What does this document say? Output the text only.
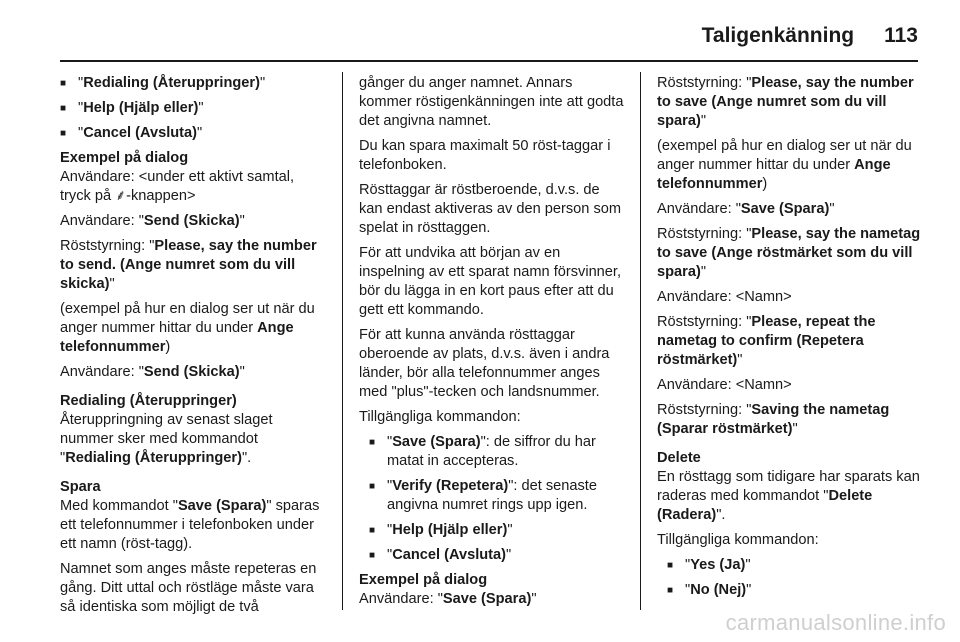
Taligenkänning 113
■ "Redialing (Återuppringer)"
■ "Help (Hjälp eller)"
■ "Cancel (Avsluta)"
Exempel på dialog
Användare: <under ett aktivt samtal, tryck på ⸙-knappen>
Användare: "Send (Skicka)"
Röststyrning: "Please, say the number to send. (Ange numret som du vill skicka)"
(exempel på hur en dialog ser ut när du anger nummer hittar du under Ange telefonnummer)
Användare: "Send (Skicka)"
Redialing (Återuppringer)
Återuppringning av senast slaget nummer sker med kommandot "Redialing (Återuppringer)".
Spara
Med kommandot "Save (Spara)" sparas ett telefonnummer i telefonboken under ett namn (röst-tagg).
Namnet som anges måste repeteras en gång. Ditt uttal och röstläge måste vara så identiska som möjligt de två
gånger du anger namnet. Annars kommer röstigenkänningen inte att godta det angivna namnet.
Du kan spara maximalt 50 röst-taggar i telefonboken.
Rösttaggar är röstberoende, d.v.s. de kan endast aktiveras av den person som spelat in rösttaggen.
För att undvika att början av en inspelning av ett sparat namn försvinner, bör du lägga in en kort paus efter att du gett ett kommando.
För att kunna använda rösttaggar oberoende av plats, d.v.s. även i andra länder, bör alla telefonnummer anges med "plus"-tecken och landsnummer.
Tillgängliga kommandon:
■ "Save (Spara)": de siffror du har matat in accepteras.
■ "Verify (Repetera)": det senaste angivna numret rings upp igen.
■ "Help (Hjälp eller)"
■ "Cancel (Avsluta)"
Exempel på dialog
Användare: "Save (Spara)"
Röststyrning: "Please, say the number to save (Ange numret som du vill spara)"
(exempel på hur en dialog ser ut när du anger nummer hittar du under Ange telefonnummer)
Användare: "Save (Spara)"
Röststyrning: "Please, say the nametag to save (Ange röstmärket som du vill spara)"
Användare: <Namn>
Röststyrning: "Please, repeat the nametag to confirm (Repetera röstmärket)"
Användare: <Namn>
Röststyrning: "Saving the nametag (Sparar röstmärket)"
Delete
En rösttagg som tidigare har sparats kan raderas med kommandot "Delete (Radera)".
Tillgängliga kommandon:
■ "Yes (Ja)"
■ "No (Nej)"
carmanualsonline.info
